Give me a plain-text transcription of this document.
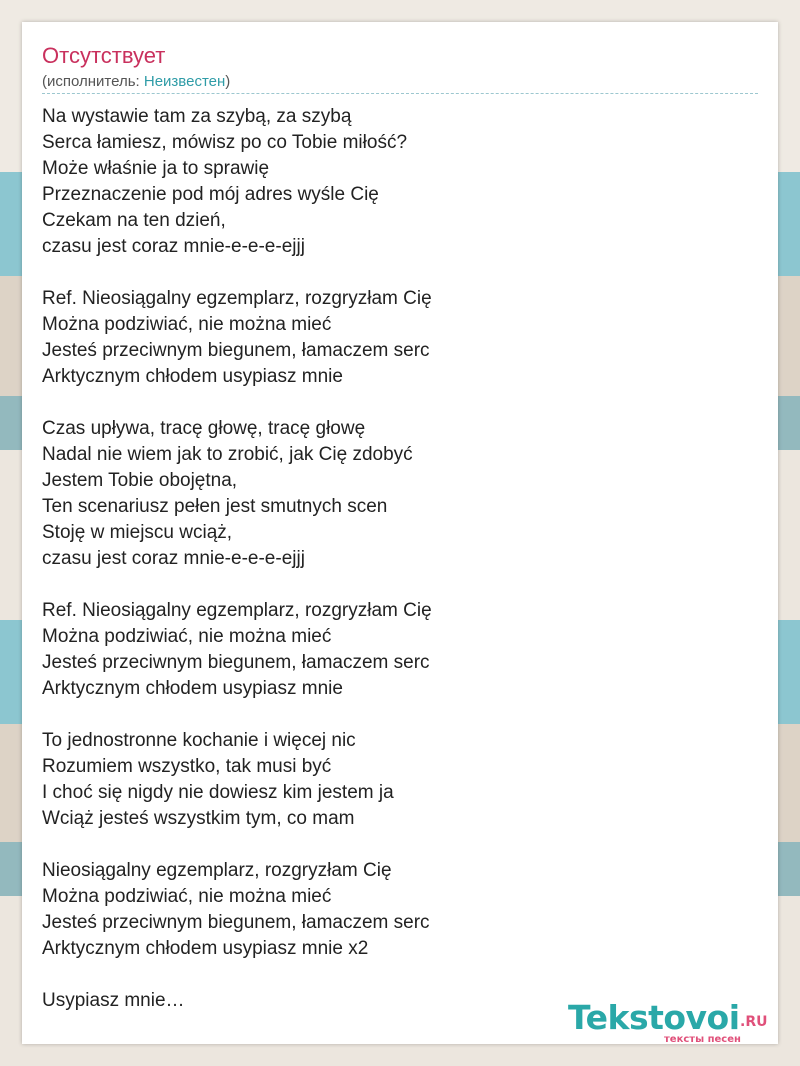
Отсутствует
(исполнитель: Неизвестен)
Na wystawie tam za szybą, za szybą
Serca łamiesz, mówisz po co Tobie miłość?
Może właśnie ja to sprawię
Przeznaczenie pod mój adres wyśle Cię
Czekam na ten dzień,
czasu jest coraz mnie-e-e-e-ejjj
Ref. Nieosiągalny egzemplarz, rozgryzłam Cię
Można podziwiać, nie można mieć
Jesteś przeciwnym biegunem, łamaczem serc
Arktycznym chłodem usypiasz mnie
Czas upływa, tracę głowę, tracę głowę
Nadal nie wiem jak to zrobić, jak Cię zdobyć
Jestem Tobie obojętna,
Ten scenariusz pełen jest smutnych scen
Stoję w miejscu wciąż,
czasu jest coraz mnie-e-e-e-ejjj
Ref. Nieosiągalny egzemplarz, rozgryzłam Cię
Można podziwiać, nie można mieć
Jesteś przeciwnym biegunem, łamaczem serc
Arktycznym chłodem usypiasz mnie
To jednostronne kochanie i więcej nic
Rozumiem wszystko, tak musi być
I choć się nigdy nie dowiesz kim jestem ja
Wciąż jesteś wszystkim tym, co mam
Nieosiągalny egzemplarz, rozgryzłam Cię
Można podziwiać, nie można mieć
Jesteś przeciwnym biegunem, łamaczem serc
Arktycznym chłodem usypiasz mnie x2
Usypiasz mnie…	Tekstovoi .RU
тексты песен
